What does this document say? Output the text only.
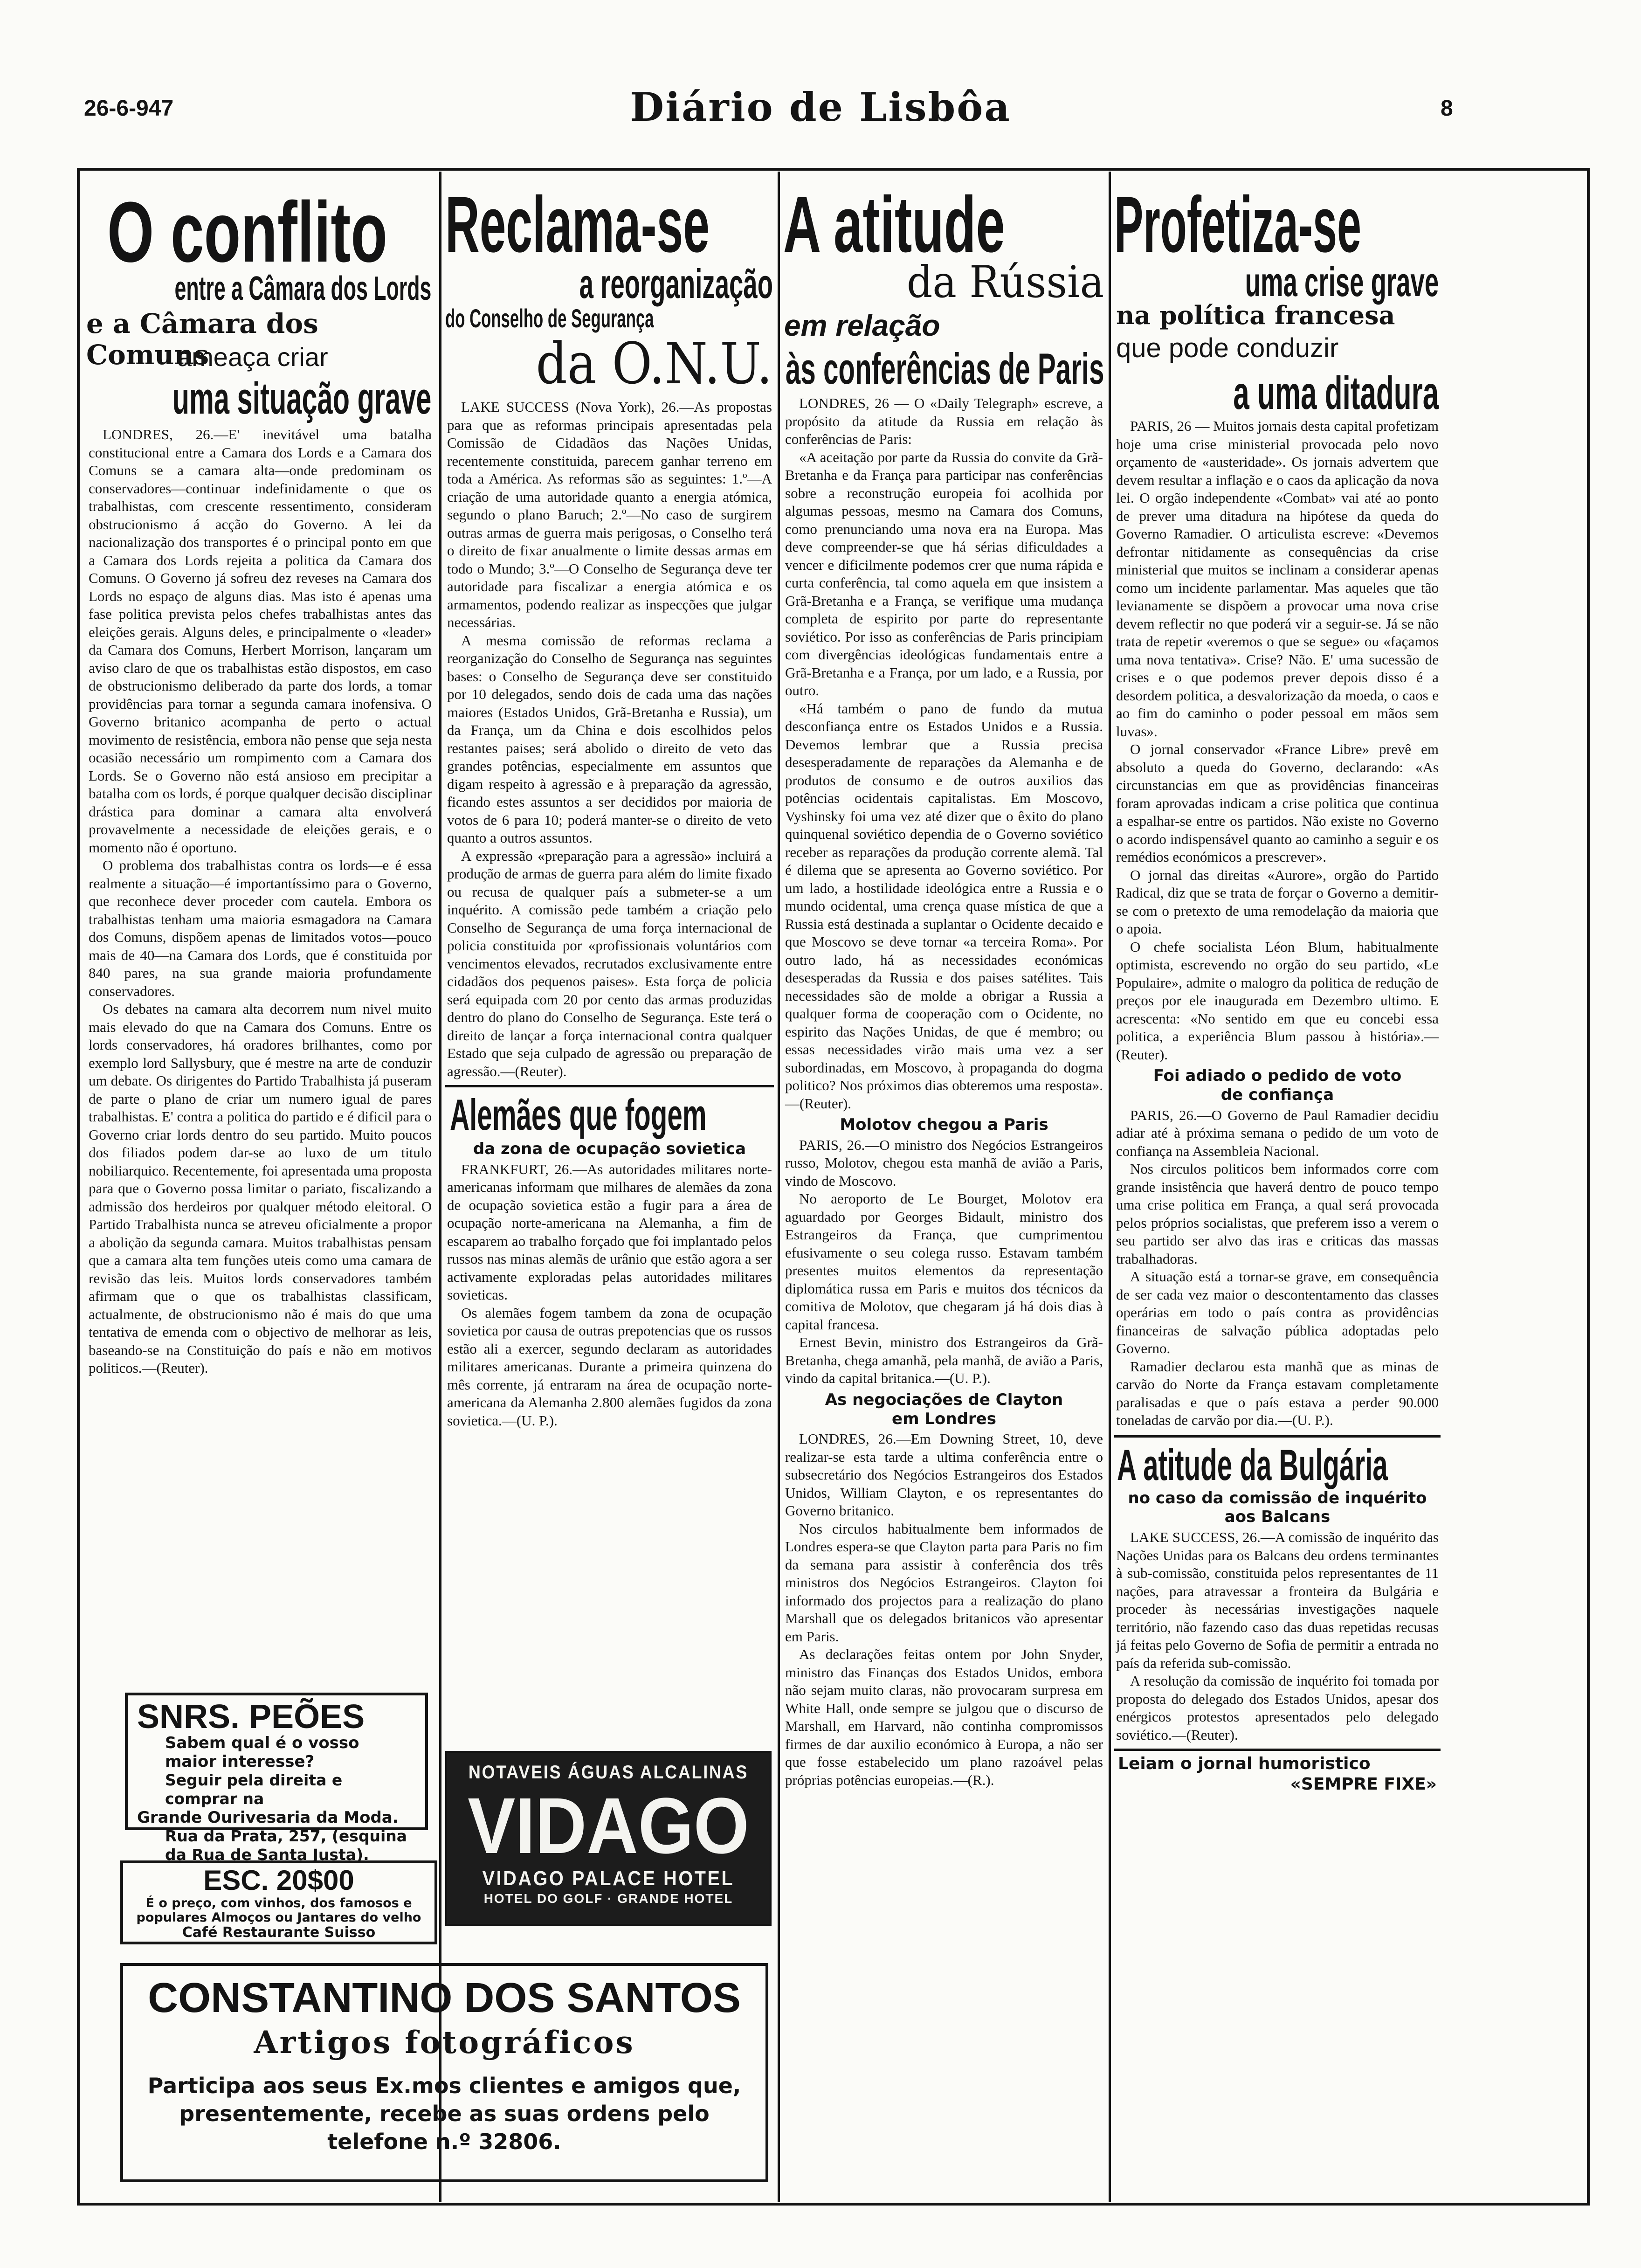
26-6-947	Diário de Lisbôa	8
O conflito
entre a Câmara dos Lords
e a Câmara dos Comuns
ameaça criar
uma situação grave

LONDRES, 26.—E' inevitável uma batalha constitucional entre a Camara dos Lords e a Camara dos Comuns se a camara alta—onde predominam os conservadores—continuar indefinidamente o que os trabalhistas, com crescente ressentimento, consideram obstrucionismo á acção do Governo. A lei da nacionalização dos transportes é o principal ponto em que a Camara dos Lords rejeita a politica da Camara dos Comuns. O Governo já sofreu dez reveses na Camara dos Lords no espaço de alguns dias. Mas isto é apenas uma fase politica prevista pelos chefes trabalhistas antes das eleições gerais. Alguns deles, e principalmente o «leader» da Camara dos Comuns, Herbert Morrison, lançaram um aviso claro de que os trabalhistas estão dispostos, em caso de obstrucionismo deliberado da parte dos lords, a tomar providências para tornar a segunda camara inofensiva. O Governo britanico acompanha de perto o actual movimento de resistência, embora não pense que seja nesta ocasião necessário um rompimento com a Camara dos Lords. Se o Governo não está ansioso em precipitar a batalha com os lords, é porque qualquer decisão disciplinar drástica para dominar a camara alta envolverá provavelmente a necessidade de eleições gerais, e o momento não é oportuno.

O problema dos trabalhistas contra os lords—e é essa realmente a situação—é importantíssimo para o Governo, que reconhece dever proceder com cautela. Embora os trabalhistas tenham uma maioria esmagadora na Camara dos Comuns, dispõem apenas de limitados votos—pouco mais de 40—na Camara dos Lords, que é constituida por 840 pares, na sua grande maioria profundamente conservadores.

Os debates na camara alta decorrem num nivel muito mais elevado do que na Camara dos Comuns. Entre os lords conservadores, há oradores brilhantes, como por exemplo lord Sallysbury, que é mestre na arte de conduzir um debate. Os dirigentes do Partido Trabalhista já puseram de parte o plano de criar um numero igual de pares trabalhistas. E' contra a politica do partido e é dificil para o Governo criar lords dentro do seu partido. Muito poucos dos filiados podem dar-se ao luxo de um titulo nobiliarquico. Recentemente, foi apresentada uma proposta para que o Governo possa limitar o pariato, fiscalizando a admissão dos herdeiros por qualquer método eleitoral. O Partido Trabalhista nunca se atreveu oficialmente a propor a abolição da segunda camara. Muitos trabalhistas pensam que a camara alta tem funções uteis como uma camara de revisão das leis. Muitos lords conservadores também afirmam que o que os trabalhistas classificam, actualmente, de obstrucionismo não é mais do que uma tentativa de emenda com o objectivo de melhorar as leis, baseando-se na Constituição do país e não em motivos politicos.—(Reuter).

SNRS. PEÕES
Sabem qual é o vosso maior interesse?
Seguir pela direita e comprar na
Grande Ourivesaria da Moda.
Rua da Prata, 257, (esquina da Rua de Santa Justa).
ESC. 20$00
É o preço, com vinhos, dos famosos e
populares Almoços ou Jantares do velho
Café Restaurante Suisso
CONSTANTINO DOS SANTOS
Artigos fotográficos
Participa aos seus Ex.mos clientes e amigos que, presentemente, recebe as suas ordens pelo telefone n.º 32806.
Reclama-se
a reorganização
do Conselho de Segurança
da O.N.U.

LAKE SUCCESS (Nova York), 26.—As propostas para que as reformas principais apresentadas pela Comissão de Cidadãos das Nações Unidas, recentemente constituida, parecem ganhar terreno em toda a América. As reformas são as seguintes: 1.º—A criação de uma autoridade quanto a energia atómica, segundo o plano Baruch; 2.º—No caso de surgirem outras armas de guerra mais perigosas, o Conselho terá o direito de fixar anualmente o limite dessas armas em todo o Mundo; 3.º—O Conselho de Segurança deve ter autoridade para fiscalizar a energia atómica e os armamentos, podendo realizar as inspecções que julgar necessárias.

A mesma comissão de reformas reclama a reorganização do Conselho de Segurança nas seguintes bases: o Conselho de Segurança deve ser constituido por 10 delegados, sendo dois de cada uma das nações maiores (Estados Unidos, Grã-Bretanha e Russia), um da França, um da China e dois escolhidos pelos restantes paises; será abolido o direito de veto das grandes potências, especialmente em assuntos que digam respeito à agressão e à preparação da agressão, ficando estes assuntos a ser decididos por maioria de votos de 6 para 10; poderá manter-se o direito de veto quanto a outros assuntos.

A expressão «preparação para a agressão» incluirá a produção de armas de guerra para além do limite fixado ou recusa de qualquer país a submeter-se a um inquérito. A comissão pede também a criação pelo Conselho de Segurança de uma força internacional de policia constituida por «profissionais voluntários com vencimentos elevados, recrutados exclusivamente entre cidadãos dos pequenos paises». Esta força de policia será equipada com 20 por cento das armas produzidas dentro do plano do Conselho de Segurança. Este terá o direito de lançar a força internacional contra qualquer Estado que seja culpado de agressão ou preparação de agressão.—(Reuter).

Alemães que fogem
da zona de ocupação sovietica

FRANKFURT, 26.—As autoridades militares norte-americanas informam que milhares de alemães da zona de ocupação sovietica estão a fugir para a área de ocupação norte-americana na Alemanha, a fim de escaparem ao trabalho forçado que foi implantado pelos russos nas minas alemãs de urânio que estão agora a ser activamente exploradas pelas autoridades militares sovieticas.

Os alemães fogem tambem da zona de ocupação sovietica por causa de outras prepotencias que os russos estão ali a exercer, segundo declaram as autoridades militares americanas. Durante a primeira quinzena do mês corrente, já entraram na área de ocupação norte-americana da Alemanha 2.800 alemães fugidos da zona sovietica.—(U. P.).

NOTAVEIS ÁGUAS ALCALINAS
VIDAGO
VIDAGO PALACE HOTEL
HOTEL DO GOLF · GRANDE HOTEL
A atitude
da Rússia
em relação
às conferências de Paris

LONDRES, 26 — O «Daily Telegraph» escreve, a propósito da atitude da Russia em relação às conferências de Paris:

«A aceitação por parte da Russia do convite da Grã-Bretanha e da França para participar nas conferências sobre a reconstrução europeia foi acolhida por algumas pessoas, mesmo na Camara dos Comuns, como prenunciando uma nova era na Europa. Mas deve compreender-se que há sérias dificuldades a vencer e dificilmente podemos crer que numa rápida e curta conferência, tal como aquela em que insistem a Grã-Bretanha e a França, se verifique uma mudança completa de espirito por parte do representante soviético. Por isso as conferências de Paris principiam com divergências ideológicas fundamentais entre a Grã-Bretanha e a França, por um lado, e a Russia, por outro.

«Há também o pano de fundo da mutua desconfiança entre os Estados Unidos e a Russia. Devemos lembrar que a Russia precisa desesperadamente de reparações da Alemanha e de produtos de consumo e de outros auxilios das potências ocidentais capitalistas. Em Moscovo, Vyshinsky foi uma vez até dizer que o êxito do plano quinquenal soviético dependia de o Governo soviético receber as reparações da produção corrente alemã. Tal é dilema que se apresenta ao Governo soviético. Por um lado, a hostilidade ideológica entre a Russia e o mundo ocidental, uma crença quase mística de que a Russia está destinada a suplantar o Ocidente decaido e que Moscovo se deve tornar «a terceira Roma». Por outro lado, há as necessidades económicas desesperadas da Russia e dos paises satélites. Tais necessidades são de molde a obrigar a Russia a qualquer forma de cooperação com o Ocidente, no espirito das Nações Unidas, de que é membro; ou essas necessidades virão mais uma vez a ser subordinadas, em Moscovo, à propaganda do dogma politico? Nos próximos dias obteremos uma resposta».—(Reuter).

Molotov chegou a Paris

PARIS, 26.—O ministro dos Negócios Estrangeiros russo, Molotov, chegou esta manhã de avião a Paris, vindo de Moscovo.

No aeroporto de Le Bourget, Molotov era aguardado por Georges Bidault, ministro dos Estrangeiros da França, que cumprimentou efusivamente o seu colega russo. Estavam também presentes muitos elementos da representação diplomática russa em Paris e muitos dos técnicos da comitiva de Molotov, que chegaram já há dois dias à capital francesa.

Ernest Bevin, ministro dos Estrangeiros da Grã-Bretanha, chega amanhã, pela manhã, de avião a Paris, vindo da capital britanica.—(U. P.).

As negociações de Clayton
em Londres

LONDRES, 26.—Em Downing Street, 10, deve realizar-se esta tarde a ultima conferência entre o subsecretário dos Negócios Estrangeiros dos Estados Unidos, William Clayton, e os representantes do Governo britanico.

Nos circulos habitualmente bem informados de Londres espera-se que Clayton parta para Paris no fim da semana para assistir à conferência dos três ministros dos Negócios Estrangeiros. Clayton foi informado dos projectos para a realização do plano Marshall que os delegados britanicos vão apresentar em Paris.

As declarações feitas ontem por John Snyder, ministro das Finanças dos Estados Unidos, embora não sejam muito claras, não provocaram surpresa em White Hall, onde sempre se julgou que o discurso de Marshall, em Harvard, não continha compromissos firmes de dar auxilio económico à Europa, a não ser que fosse estabelecido um plano razoável pelas próprias potências europeias.—(R.).

Profetiza-se
uma crise grave
na política francesa
que pode conduzir
a uma ditadura

PARIS, 26 — Muitos jornais desta capital profetizam hoje uma crise ministerial provocada pelo novo orçamento de «austeridade». Os jornais advertem que devem resultar a inflação e o caos da aplicação da nova lei. O orgão independente «Combat» vai até ao ponto de prever uma ditadura na hipótese da queda do Governo Ramadier. O articulista escreve: «Devemos defrontar nitidamente as consequências da crise ministerial que muitos se inclinam a considerar apenas como um incidente parlamentar. Mas aqueles que tão levianamente se dispõem a provocar uma nova crise devem reflectir no que poderá vir a seguir-se. Já se não trata de repetir «veremos o que se segue» ou «façamos uma nova tentativa». Crise? Não. E' uma sucessão de crises e o que podemos prever depois disso é a desordem politica, a desvalorização da moeda, o caos e ao fim do caminho o poder pessoal em mãos sem luvas».

O jornal conservador «France Libre» prevê em absoluto a queda do Governo, declarando: «As circunstancias em que as providências financeiras foram aprovadas indicam a crise politica que continua a espalhar-se entre os partidos. Não existe no Governo o acordo indispensável quanto ao caminho a seguir e os remédios económicos a prescrever».

O jornal das direitas «Aurore», orgão do Partido Radical, diz que se trata de forçar o Governo a demitir-se com o pretexto de uma remodelação da maioria que o apoia.

O chefe socialista Léon Blum, habitualmente optimista, escrevendo no orgão do seu partido, «Le Populaire», admite o malogro da politica de redução de preços por ele inaugurada em Dezembro ultimo. E acrescenta: «No sentido em que eu concebi essa politica, a experiência Blum passou à história».—(Reuter).

Foi adiado o pedido de voto
de confiança

PARIS, 26.—O Governo de Paul Ramadier decidiu adiar até à próxima semana o pedido de um voto de confiança na Assembleia Nacional.

Nos circulos politicos bem informados corre com grande insistência que haverá dentro de pouco tempo uma crise politica em França, a qual será provocada pelos próprios socialistas, que preferem isso a verem o seu partido ser alvo das iras e criticas das massas trabalhadoras.

A situação está a tornar-se grave, em consequência de ser cada vez maior o descontentamento das classes operárias em todo o país contra as providências financeiras de salvação pública adoptadas pelo Governo.

Ramadier declarou esta manhã que as minas de carvão do Norte da França estavam completamente paralisadas e que o país estava a perder 90.000 toneladas de carvão por dia.—(U. P.).

A atitude da Bulgária
no caso da comissão de inquérito
aos Balcans

LAKE SUCCESS, 26.—A comissão de inquérito das Nações Unidas para os Balcans deu ordens terminantes à sub-comissão, constituida pelos representantes de 11 nações, para atravessar a fronteira da Bulgária e proceder às necessárias investigações naquele território, não fazendo caso das duas repetidas recusas já feitas pelo Governo de Sofia de permitir a entrada no país da referida sub-comissão.

A resolução da comissão de inquérito foi tomada por proposta do delegado dos Estados Unidos, apesar dos enérgicos protestos apresentados pelo delegado soviético.—(Reuter).

Leiam o jornal humoristico
«SEMPRE FIXE»
